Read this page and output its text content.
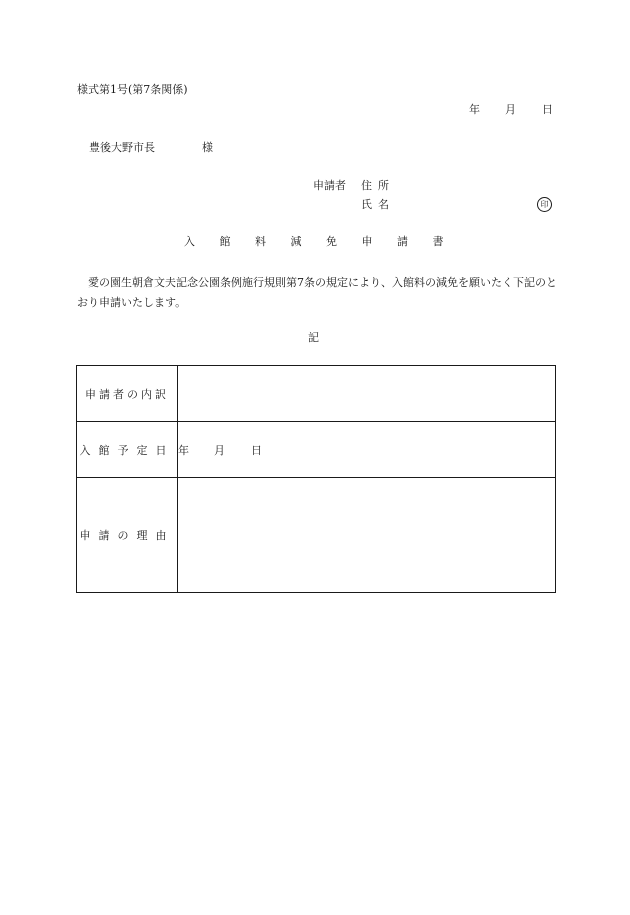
様式第1号(第7条関係)
年 月 日
豊後大野市長	様
申請者 住所
氏名	印
入 館 料 減 免 申 請 書
愛の園生朝倉文夫記念公園条例施行規則第7条の規定により、入館料の減免を願いたく下記のとおり申請いたします。
記
申請者の内訳	
入館予定日	年 月 日
申請の理由	
